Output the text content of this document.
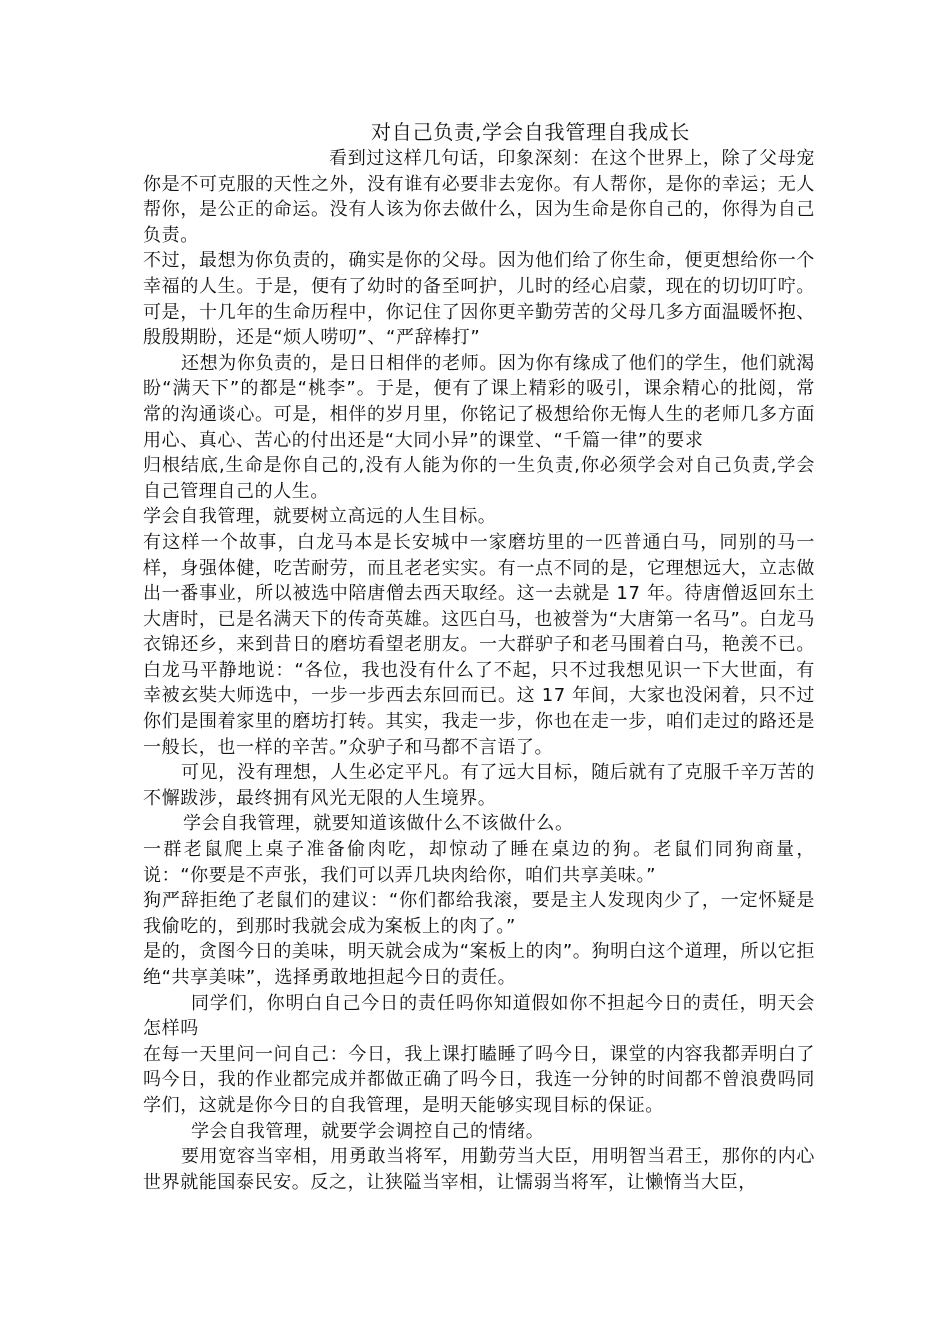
对自己负责,学会自我管理自我成长

看到过这样几句话，印象深刻：在这个世界上，除了父母宠你是不可克服的天性之外，没有谁有必要非去宠你。有人帮你，是你的幸运；无人帮你，是公正的命运。没有人该为你去做什么，因为生命是你自己的，你得为自己负责。

不过，最想为你负责的，确实是你的父母。因为他们给了你生命，便更想给你一个幸福的人生。于是，便有了幼时的备至呵护，儿时的经心启蒙，现在的切切叮咛。可是，十几年的生命历程中，你记住了因你更辛勤劳苦的父母几多方面温暖怀抱、殷殷期盼，还是“烦人唠叨”、“严辞棒打”

还想为你负责的，是日日相伴的老师。因为你有缘成了他们的学生，他们就渴盼“满天下”的都是“桃李”。于是，便有了课上精彩的吸引，课余精心的批阅，常常的沟通谈心。可是，相伴的岁月里，你铭记了极想给你无悔人生的老师几多方面用心、真心、苦心的付出还是“大同小异”的课堂、“千篇一律”的要求

归根结底,生命是你自己的,没有人能为你的一生负责,你必须学会对自己负责,学会自己管理自己的人生。

学会自我管理，就要树立高远的人生目标。

有这样一个故事，白龙马本是长安城中一家磨坊里的一匹普通白马，同别的马一样，身强体健，吃苦耐劳，而且老老实实。有一点不同的是，它理想远大，立志做出一番事业，所以被选中陪唐僧去西天取经。这一去就是 17 年。待唐僧返回东土大唐时，已是名满天下的传奇英雄。这匹白马，也被誉为“大唐第一名马”。白龙马衣锦还乡，来到昔日的磨坊看望老朋友。一大群驴子和老马围着白马，艳羡不已。白龙马平静地说：“各位，我也没有什么了不起，只不过我想见识一下大世面，有幸被玄奘大师选中，一步一步西去东回而已。这 17 年间，大家也没闲着，只不过你们是围着家里的磨坊打转。其实，我走一步，你也在走一步，咱们走过的路还是一般长，也一样的辛苦。”众驴子和马都不言语了。

可见，没有理想，人生必定平凡。有了远大目标，随后就有了克服千辛万苦的不懈跋涉，最终拥有风光无限的人生境界。

学会自我管理，就要知道该做什么不该做什么。

一群老鼠爬上桌子准备偷肉吃，却惊动了睡在桌边的狗。老鼠们同狗商量，说：“你要是不声张，我们可以弄几块肉给你，咱们共享美味。”

狗严辞拒绝了老鼠们的建议：“你们都给我滚，要是主人发现肉少了，一定怀疑是我偷吃的，到那时我就会成为案板上的肉了。”

是的，贪图今日的美味，明天就会成为“案板上的肉”。狗明白这个道理，所以它拒绝“共享美味”，选择勇敢地担起今日的责任。

同学们，你明白自己今日的责任吗你知道假如你不担起今日的责任，明天会怎样吗

在每一天里问一问自己：今日，我上课打瞌睡了吗今日，课堂的内容我都弄明白了吗今日，我的作业都完成并都做正确了吗今日，我连一分钟的时间都不曾浪费吗同学们，这就是你今日的自我管理，是明天能够实现目标的保证。

学会自我管理，就要学会调控自己的情绪。

要用宽容当宰相，用勇敢当将军，用勤劳当大臣，用明智当君王，那你的内心世界就能国泰民安。反之，让狭隘当宰相，让懦弱当将军，让懒惰当大臣，
